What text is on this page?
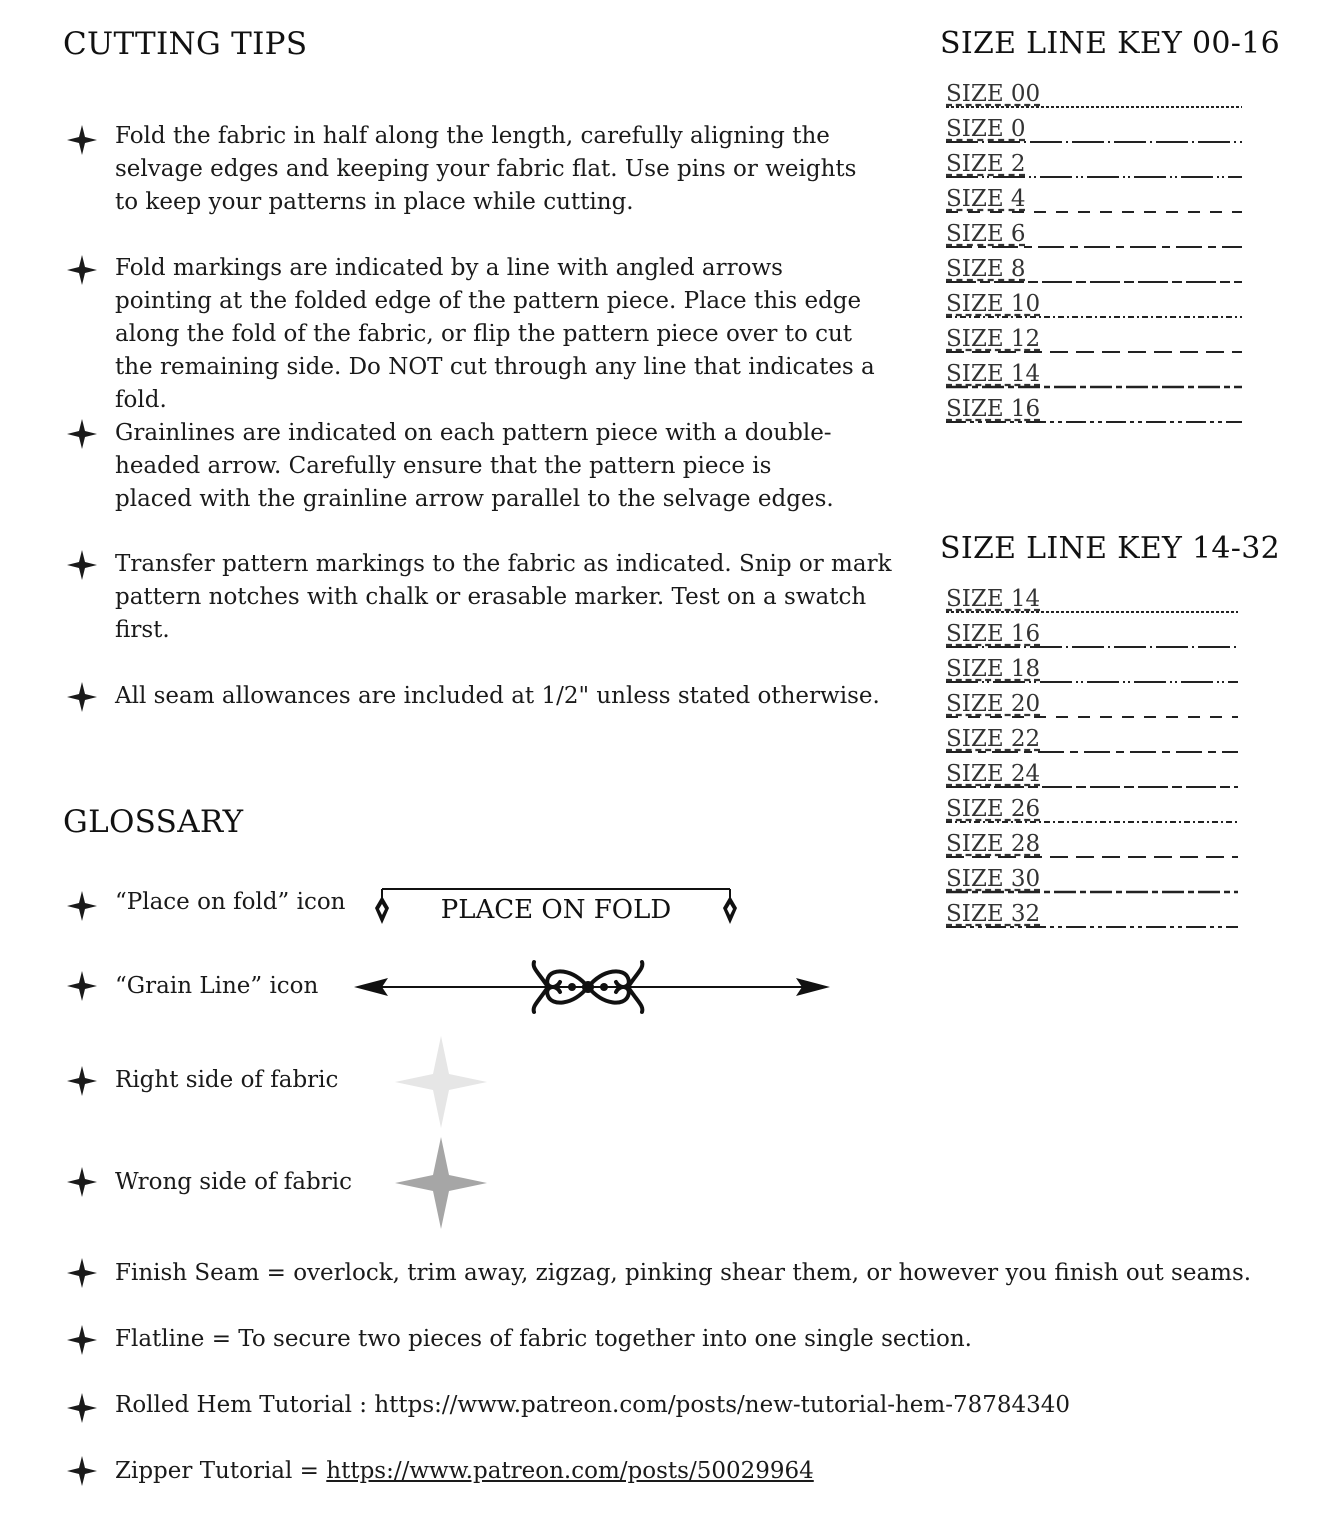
CUTTING TIPS
Fold the fabric in half along the length, carefully aligning the selvage edges and keeping your fabric flat. Use pins or weights to keep your patterns in place while cutting.
Fold markings are indicated by a line with angled arrows pointing at the folded edge of the pattern piece. Place this edge along the fold of the fabric, or flip the pattern piece over to cut the remaining side. Do NOT cut through any line that indicates a fold.
Grainlines are indicated on each pattern piece with a double-headed arrow. Carefully ensure that the pattern piece is placed with the grainline arrow parallel to the selvage edges.
Transfer pattern markings to the fabric as indicated. Snip or mark pattern notches with chalk or erasable marker. Test on a swatch first.
All seam allowances are included at 1/2" unless stated otherwise.
SIZE LINE KEY 00-16
SIZE 00
SIZE 0
SIZE 2
SIZE 4
SIZE 6
SIZE 8
SIZE 10
SIZE 12
SIZE 14
SIZE 16
SIZE LINE KEY 14-32
SIZE 14
SIZE 16
SIZE 18
SIZE 20
SIZE 22
SIZE 24
SIZE 26
SIZE 28
SIZE 30
SIZE 32
GLOSSARY
“Place on fold” icon	PLACE ON FOLD
“Grain Line” icon
Right side of fabric
Wrong side of fabric
Finish Seam = overlock, trim away, zigzag, pinking shear them, or however you finish out seams.
Flatline = To secure two pieces of fabric together into one single section.
Rolled Hem Tutorial : https://www.patreon.com/posts/new-tutorial-hem-78784340
Zipper Tutorial = https://www.patreon.com/posts/50029964
